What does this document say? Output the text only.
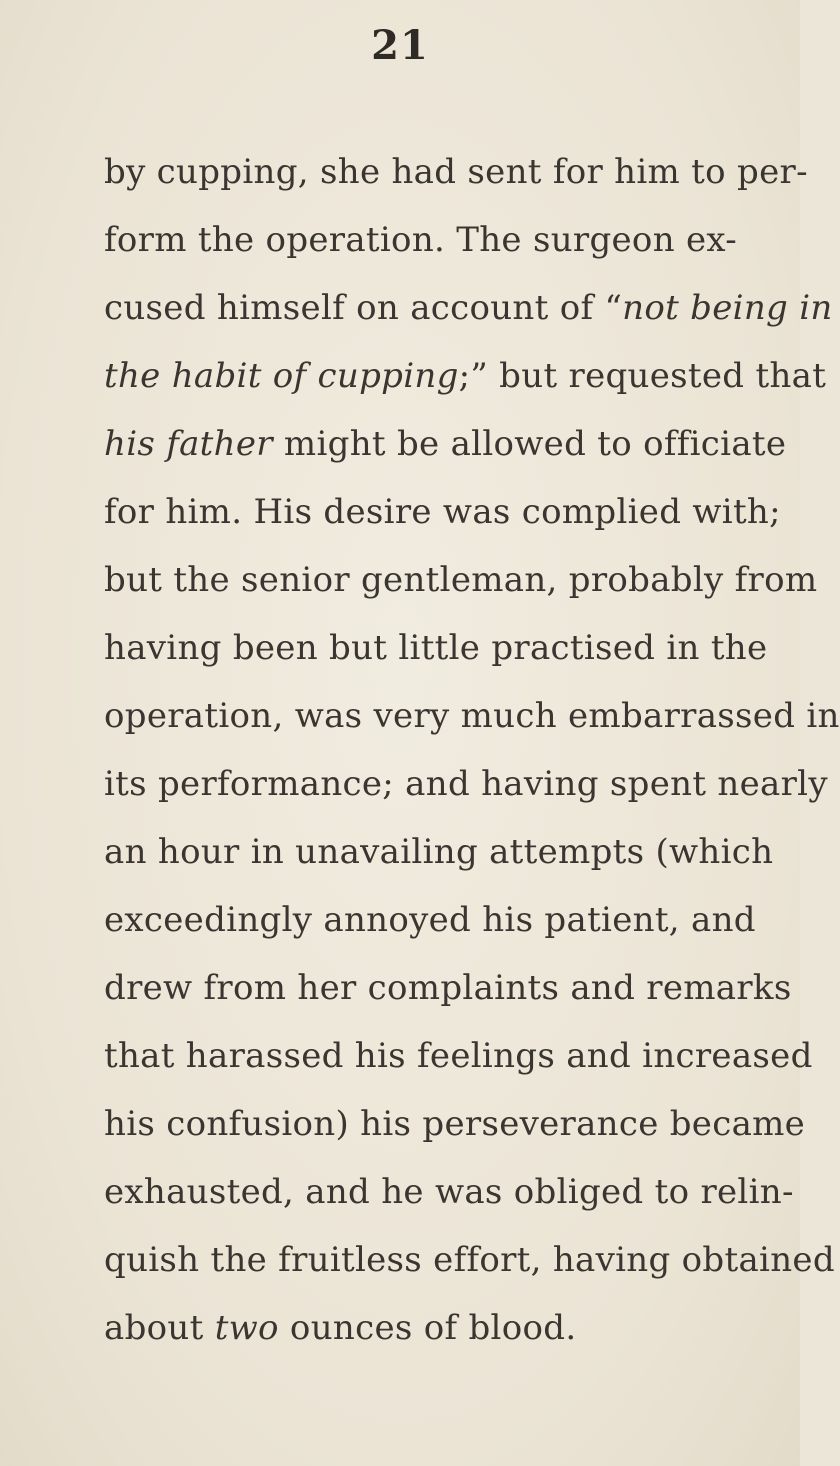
21
by cupping, she had sent for him to per-
form the operation. The surgeon ex-
cused himself on account of “not being in
the habit of cupping;” but requested that
his father might be allowed to officiate
for him. His desire was complied with;
but the senior gentleman, probably from
having been but little practised in the
operation, was very much embarrassed in
its performance; and having spent nearly
an hour in unavailing attempts (which
exceedingly annoyed his patient, and
drew from her complaints and remarks
that harassed his feelings and increased
his confusion) his perseverance became
exhausted, and he was obliged to relin-
quish the fruitless effort, having obtained
about two ounces of blood.
